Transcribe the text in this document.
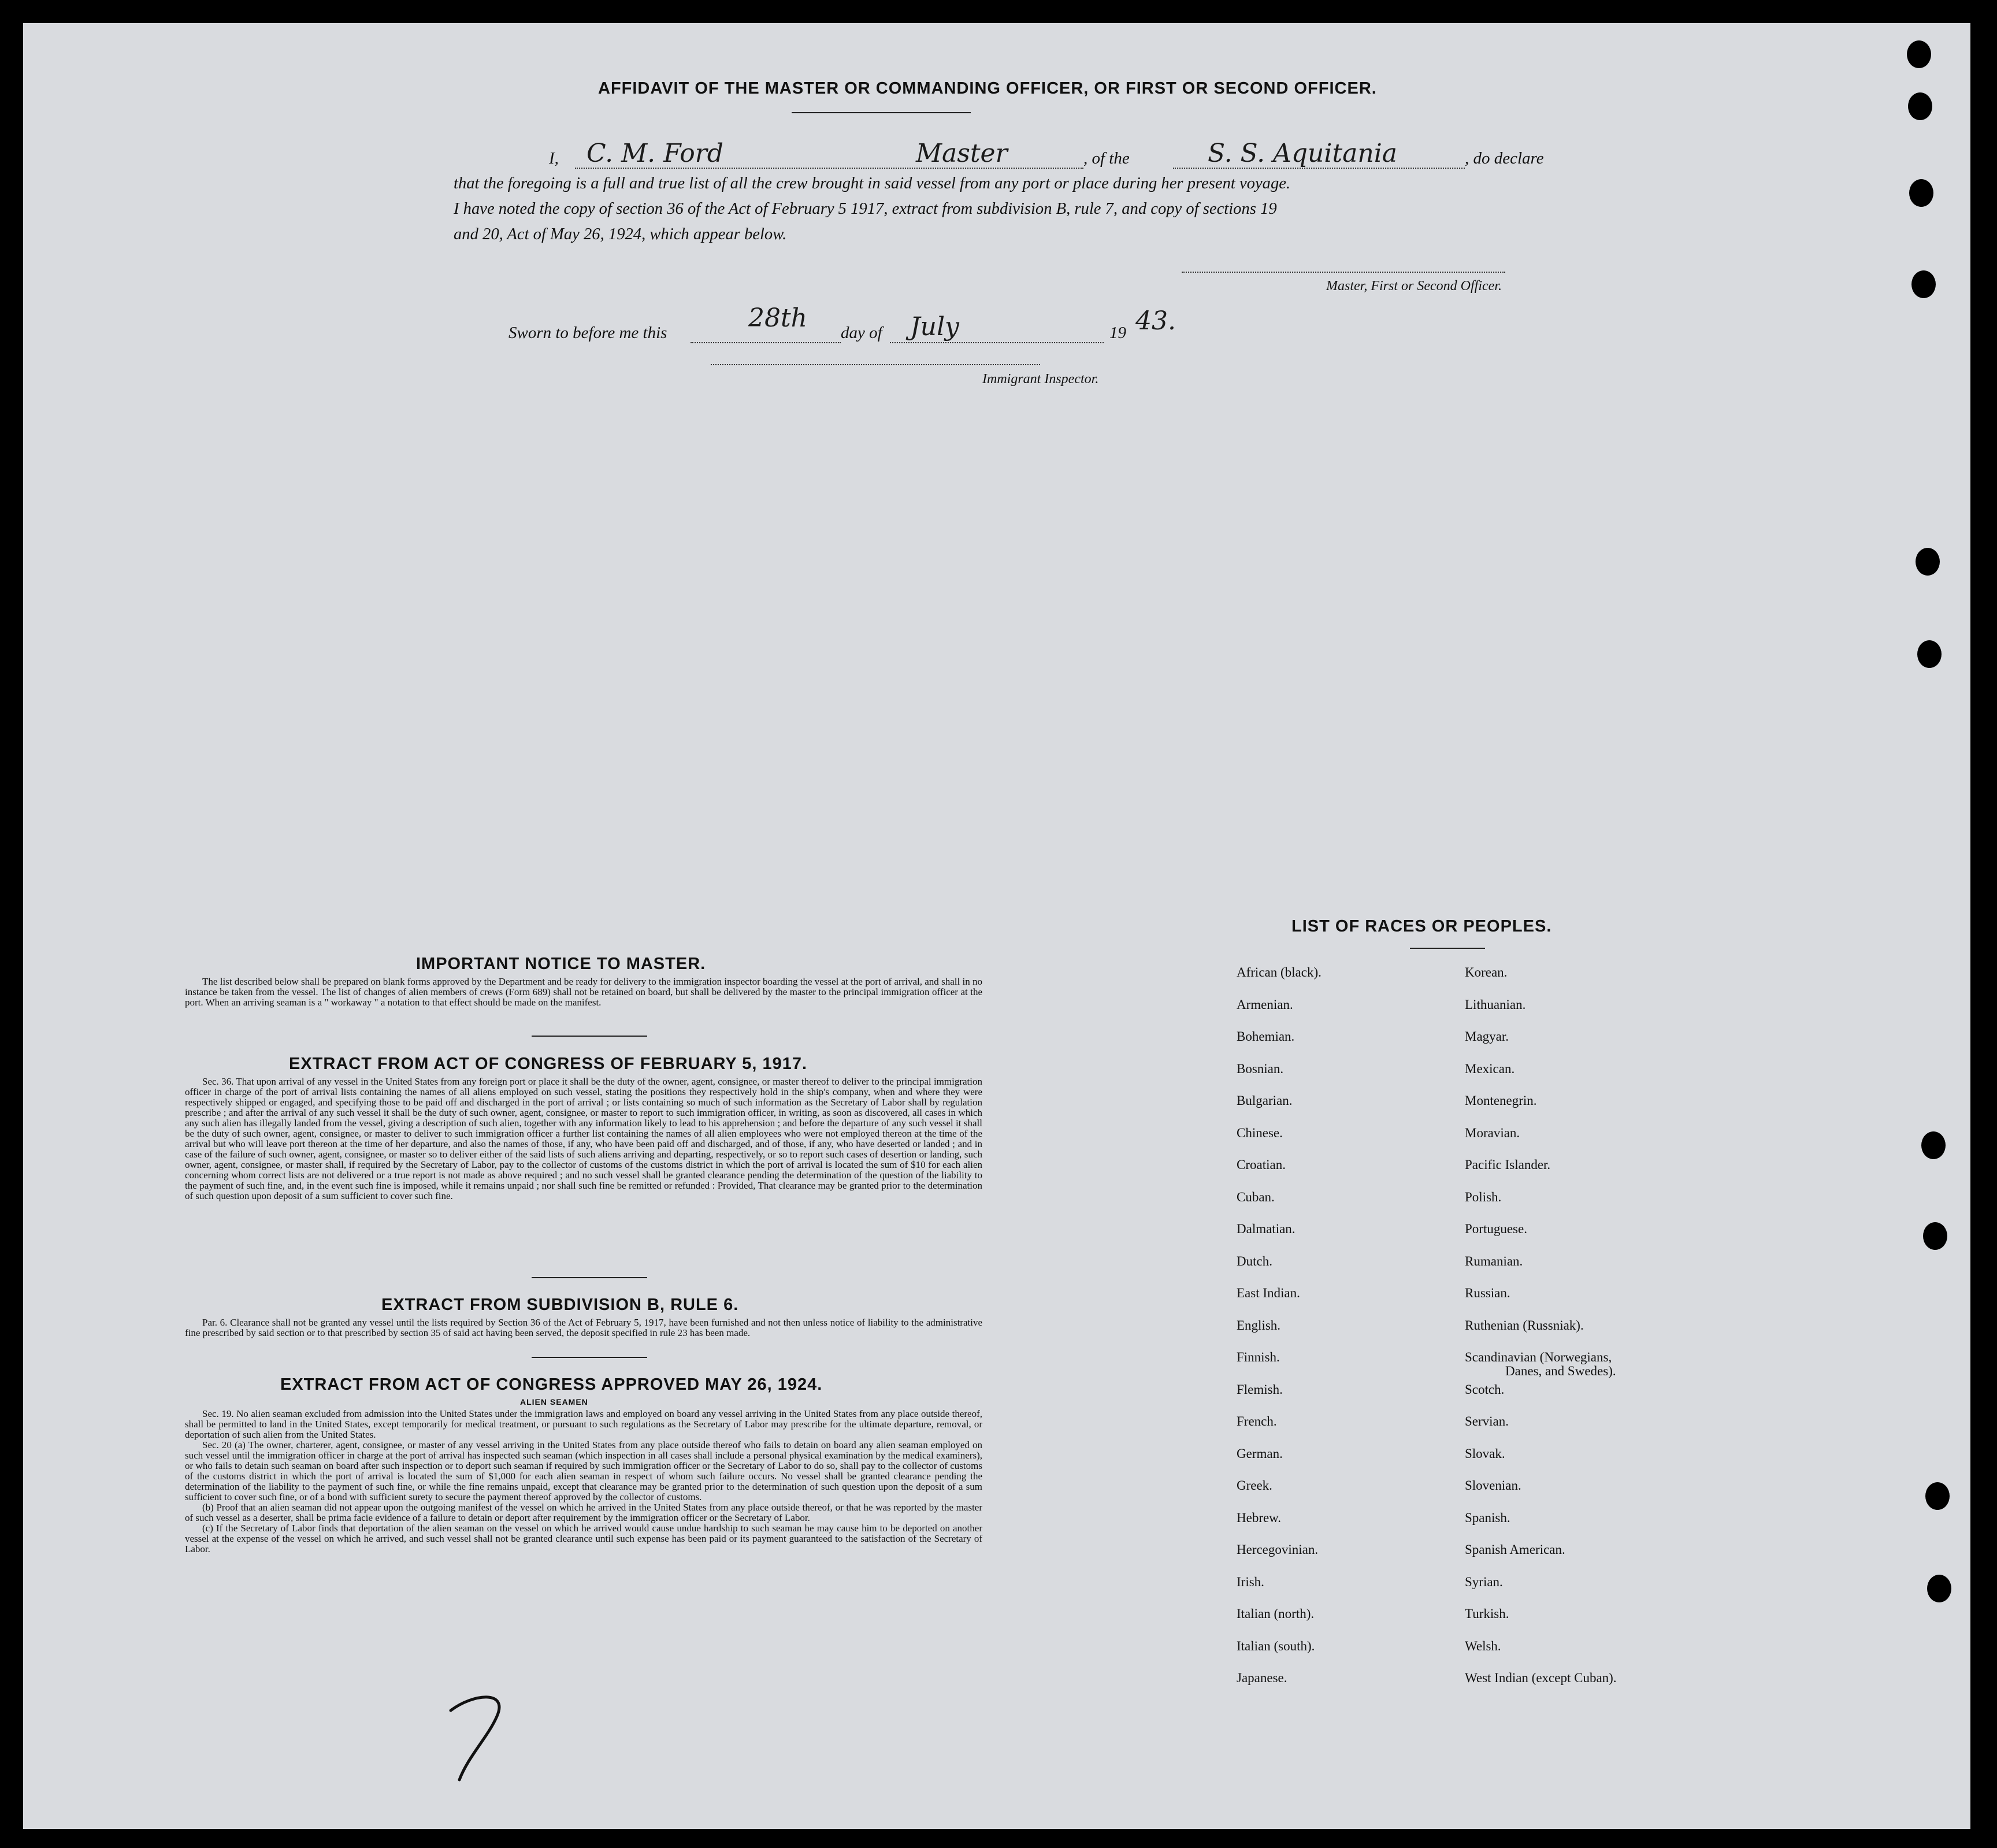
AFFIDAVIT OF THE MASTER OR COMMANDING OFFICER, OR FIRST OR SECOND OFFICER.
I, C. M. Ford	Master	, of the	S. S. Aquitania	, do declare
that the foregoing is a full and true list of all the crew brought in said vessel from any port or place during her present voyage.
I have noted the copy of section 36 of the Act of February 5 1917, extract from subdivision B, rule 7, and copy of sections 19
and 20, Act of May 26, 1924, which appear below.
Master, First or Second Officer.
Sworn to before me this	28th day of July	19 43.
Immigrant Inspector.
IMPORTANT NOTICE TO MASTER.

The list described below shall be prepared on blank forms approved by the Department and be ready for delivery to the immigration inspector boarding the vessel at the port of arrival, and shall in no instance be taken from the vessel. The list of changes of alien members of crews (Form 689) shall not be retained on board, but shall be delivered by the master to the principal immigration officer at the port. When an arriving seaman is a " workaway " a notation to that effect should be made on the manifest.

EXTRACT FROM ACT OF CONGRESS OF FEBRUARY 5, 1917.

Sec. 36. That upon arrival of any vessel in the United States from any foreign port or place it shall be the duty of the owner, agent, consignee, or master thereof to deliver to the principal immigration officer in charge of the port of arrival lists containing the names of all aliens employed on such vessel, stating the positions they respectively hold in the ship's company, when and where they were respectively shipped or engaged, and specifying those to be paid off and discharged in the port of arrival ; or lists containing so much of such information as the Secretary of Labor shall by regulation prescribe ; and after the arrival of any such vessel it shall be the duty of such owner, agent, consignee, or master to report to such immigration officer, in writing, as soon as discovered, all cases in which any such alien has illegally landed from the vessel, giving a description of such alien, together with any information likely to lead to his apprehension ; and before the departure of any such vessel it shall be the duty of such owner, agent, consignee, or master to deliver to such immigration officer a further list containing the names of all alien employees who were not employed thereon at the time of the arrival but who will leave port thereon at the time of her departure, and also the names of those, if any, who have been paid off and discharged, and of those, if any, who have deserted or landed ; and in case of the failure of such owner, agent, consignee, or master so to deliver either of the said lists of such aliens arriving and departing, respectively, or so to report such cases of desertion or landing, such owner, agent, consignee, or master shall, if required by the Secretary of Labor, pay to the collector of customs of the customs district in which the port of arrival is located the sum of $10 for each alien concerning whom correct lists are not delivered or a true report is not made as above required ; and no such vessel shall be granted clearance pending the determination of the question of the liability to the payment of such fine, and, in the event such fine is imposed, while it remains unpaid ; nor shall such fine be remitted or refunded : Provided, That clearance may be granted prior to the determination of such question upon deposit of a sum sufficient to cover such fine.

EXTRACT FROM SUBDIVISION B, RULE 6.

Par. 6. Clearance shall not be granted any vessel until the lists required by Section 36 of the Act of February 5, 1917, have been furnished and not then unless notice of liability to the administrative fine prescribed by said section or to that prescribed by section 35 of said act having been served, the deposit specified in rule 23 has been made.

EXTRACT FROM ACT OF CONGRESS APPROVED MAY 26, 1924.
ALIEN SEAMEN

Sec. 19. No alien seaman excluded from admission into the United States under the immigration laws and employed on board any vessel arriving in the United States from any place outside thereof, shall be permitted to land in the United States, except temporarily for medical treatment, or pursuant to such regulations as the Secretary of Labor may prescribe for the ultimate departure, removal, or deportation of such alien from the United States.

Sec. 20 (a) The owner, charterer, agent, consignee, or master of any vessel arriving in the United States from any place outside thereof who fails to detain on board any alien seaman employed on such vessel until the immigration officer in charge at the port of arrival has inspected such seaman (which inspection in all cases shall include a personal physical examination by the medical examiners), or who fails to detain such seaman on board after such inspection or to deport such seaman if required by such immigration officer or the Secretary of Labor to do so, shall pay to the collector of customs of the customs district in which the port of arrival is located the sum of $1,000 for each alien seaman in respect of whom such failure occurs. No vessel shall be granted clearance pending the determination of the liability to the payment of such fine, or while the fine remains unpaid, except that clearance may be granted prior to the determination of such question upon the deposit of a sum sufficient to cover such fine, or of a bond with sufficient surety to secure the payment thereof approved by the collector of customs.

(b) Proof that an alien seaman did not appear upon the outgoing manifest of the vessel on which he arrived in the United States from any place outside thereof, or that he was reported by the master of such vessel as a deserter, shall be prima facie evidence of a failure to detain or deport after requirement by the immigration officer or the Secretary of Labor.

(c) If the Secretary of Labor finds that deportation of the alien seaman on the vessel on which he arrived would cause undue hardship to such seaman he may cause him to be deported on another vessel at the expense of the vessel on which he arrived, and such vessel shall not be granted clearance until such expense has been paid or its payment guaranteed to the satisfaction of the Secretary of Labor.

LIST OF RACES OR PEOPLES.
African (black).
Armenian.
Bohemian.
Bosnian.
Bulgarian.
Chinese.
Croatian.
Cuban.
Dalmatian.
Dutch.
East Indian.
English.
Finnish.
Flemish.
French.
German.
Greek.
Hebrew.
Hercegovinian.
Irish.
Italian (north).
Italian (south).
Japanese.
Korean.
Lithuanian.
Magyar.
Mexican.
Montenegrin.
Moravian.
Pacific Islander.
Polish.
Portuguese.
Rumanian.
Russian.
Ruthenian (Russniak).
Scandinavian (Norwegians,
Danes, and Swedes).
Scotch.
Servian.
Slovak.
Slovenian.
Spanish.
Spanish American.
Syrian.
Turkish.
Welsh.
West Indian (except Cuban).
